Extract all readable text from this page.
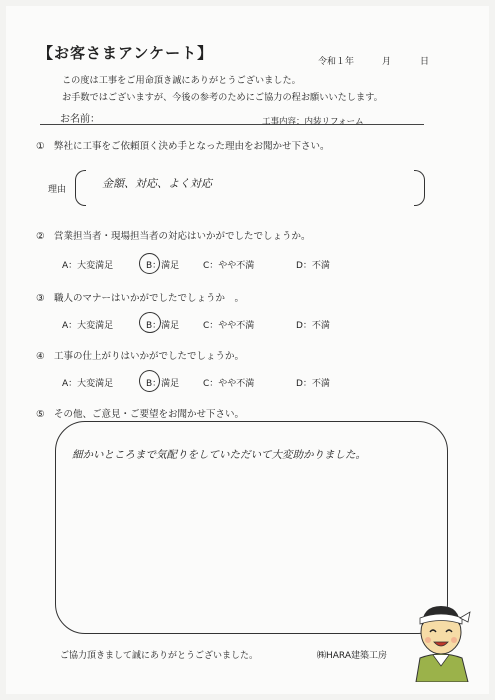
【お客さまアンケート】	令和１年	月	日
この度は工事をご用命頂き誠にありがとうございました。
お手数ではございますが、今後の参考のためにご協力の程お願いいたします。
お名前：	工事内容：内装リフォーム
①　弊社に工事をご依頼頂く決め手となった理由をお聞かせ下さい。
理由	金額、対応、よく対応
②　営業担当者・現場担当者の対応はいかがでしたでしょうか。
A：大変満足	B：満足	C：やや不満	D：不満
③　職人のマナーはいかがでしたでしょうか　。
A：大変満足	B：満足	C：やや不満	D：不満
④　工事の仕上がりはいかがでしたでしょうか。
A：大変満足	B：満足	C：やや不満	D：不満
⑤　その他、ご意見・ご要望をお聞かせ下さい。
細かいところまで気配りをしていただいて大変助かりました。
ご協力頂きまして誠にありがとうございました。	㈱HARA建築工房
